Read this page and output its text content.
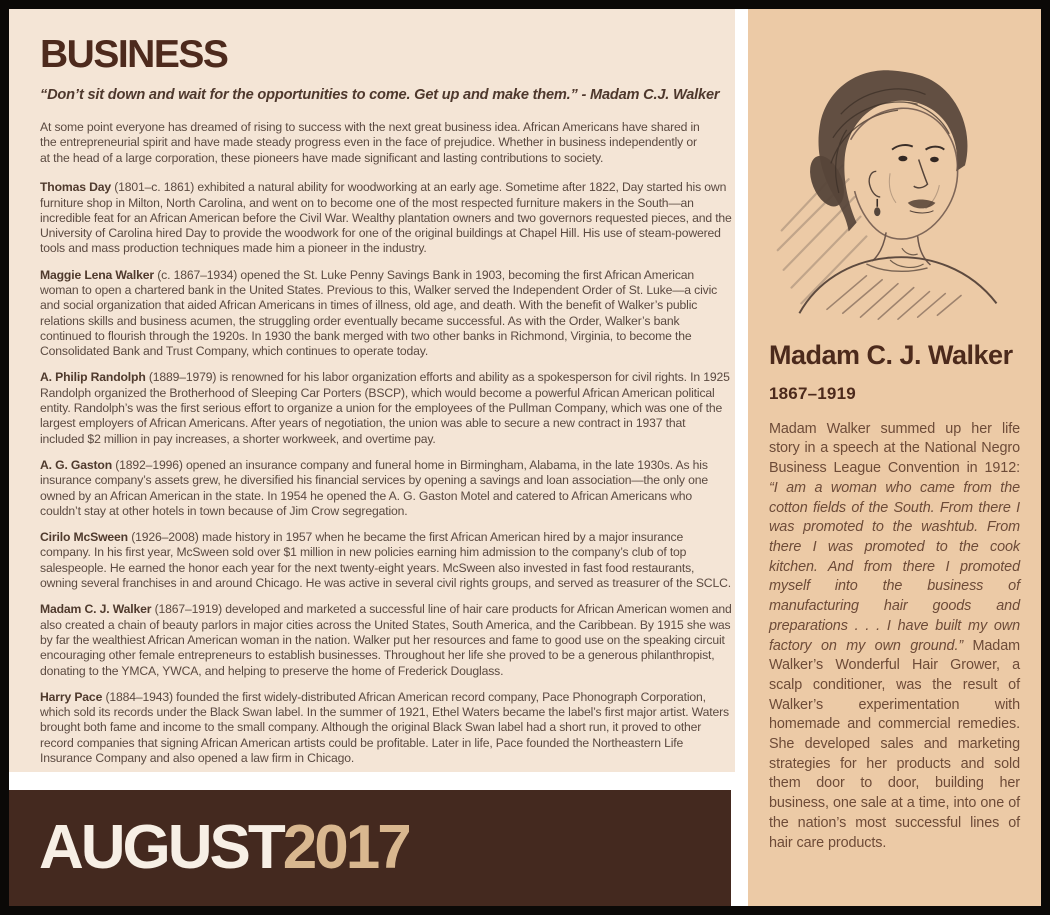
BUSINESS
“Don’t sit down and wait for the opportunities to come. Get up and make them.” - Madam C.J. Walker
At some point everyone has dreamed of rising to success with the next great business idea. African Americans have shared in the entrepreneurial spirit and have made steady progress even in the face of prejudice. Whether in business independently or at the head of a large corporation, these pioneers have made significant and lasting contributions to society.

Thomas Day (1801–c. 1861) exhibited a natural ability for woodworking at an early age. Sometime after 1822, Day started his own furniture shop in Milton, North Carolina, and went on to become one of the most respected furniture makers in the South—an incredible feat for an African American before the Civil War. Wealthy plantation owners and two governors requested pieces, and the University of Carolina hired Day to provide the woodwork for one of the original buildings at Chapel Hill. His use of steam-powered tools and mass production techniques made him a pioneer in the industry.

Maggie Lena Walker (c. 1867–1934) opened the St. Luke Penny Savings Bank in 1903, becoming the first African American woman to open a chartered bank in the United States. Previous to this, Walker served the Independent Order of St. Luke—a civic and social organization that aided African Americans in times of illness, old age, and death. With the benefit of Walker’s public relations skills and business acumen, the struggling order eventually became successful. As with the Order, Walker’s bank continued to flourish through the 1920s. In 1930 the bank merged with two other banks in Richmond, Virginia, to become the Consolidated Bank and Trust Company, which continues to operate today.

A. Philip Randolph (1889–1979) is renowned for his labor organization efforts and ability as a spokesperson for civil rights. In 1925 Randolph organized the Brotherhood of Sleeping Car Porters (BSCP), which would become a powerful African American political entity. Randolph’s was the first serious effort to organize a union for the employees of the Pullman Company, which was one of the largest employers of African Americans. After years of negotiation, the union was able to secure a new contract in 1937 that included $2 million in pay increases, a shorter workweek, and overtime pay.

A. G. Gaston (1892–1996) opened an insurance company and funeral home in Birmingham, Alabama, in the late 1930s. As his insurance company’s assets grew, he diversified his financial services by opening a savings and loan association—the only one owned by an African American in the state. In 1954 he opened the A. G. Gaston Motel and catered to African Americans who couldn’t stay at other hotels in town because of Jim Crow segregation.

Cirilo McSween (1926–2008) made history in 1957 when he became the first African American hired by a major insurance company. In his first year, McSween sold over $1 million in new policies earning him admission to the company’s club of top salespeople. He earned the honor each year for the next twenty-eight years. McSween also invested in fast food restaurants, owning several franchises in and around Chicago. He was active in several civil rights groups, and served as treasurer of the SCLC.

Madam C. J. Walker (1867–1919) developed and marketed a successful line of hair care products for African American women and also created a chain of beauty parlors in major cities across the United States, South America, and the Caribbean. By 1915 she was by far the wealthiest African American woman in the nation. Walker put her resources and fame to good use on the speaking circuit encouraging other female entrepreneurs to establish businesses. Throughout her life she proved to be a generous philanthropist, donating to the YMCA, YWCA, and helping to preserve the home of Frederick Douglass.

Harry Pace (1884–1943) founded the first widely-distributed African American record company, Pace Phonograph Corporation, which sold its records under the Black Swan label. In the summer of 1921, Ethel Waters became the label’s first major artist. Waters brought both fame and income to the small company. Although the original Black Swan label had a short run, it proved to other record companies that signing African American artists could be profitable. Later in life, Pace founded the Northeastern Life Insurance Company and also opened a law firm in Chicago.

AUGUST 2017
Madam C. J. Walker
1867–1919
Madam Walker summed up her life story in a speech at the National Negro Business League Convention in 1912: “I am a woman who came from the cotton fields of the South. From there I was promoted to the washtub. From there I was promoted to the cook kitchen. And from there I promoted myself into the business of manufacturing hair goods and preparations . . . I have built my own factory on my own ground.” Madam Walker’s Wonderful Hair Grower, a scalp conditioner, was the result of Walker’s experimentation with homemade and commercial remedies. She developed sales and marketing strategies for her products and sold them door to door, building her business, one sale at a time, into one of the nation’s most successful lines of hair care products.
